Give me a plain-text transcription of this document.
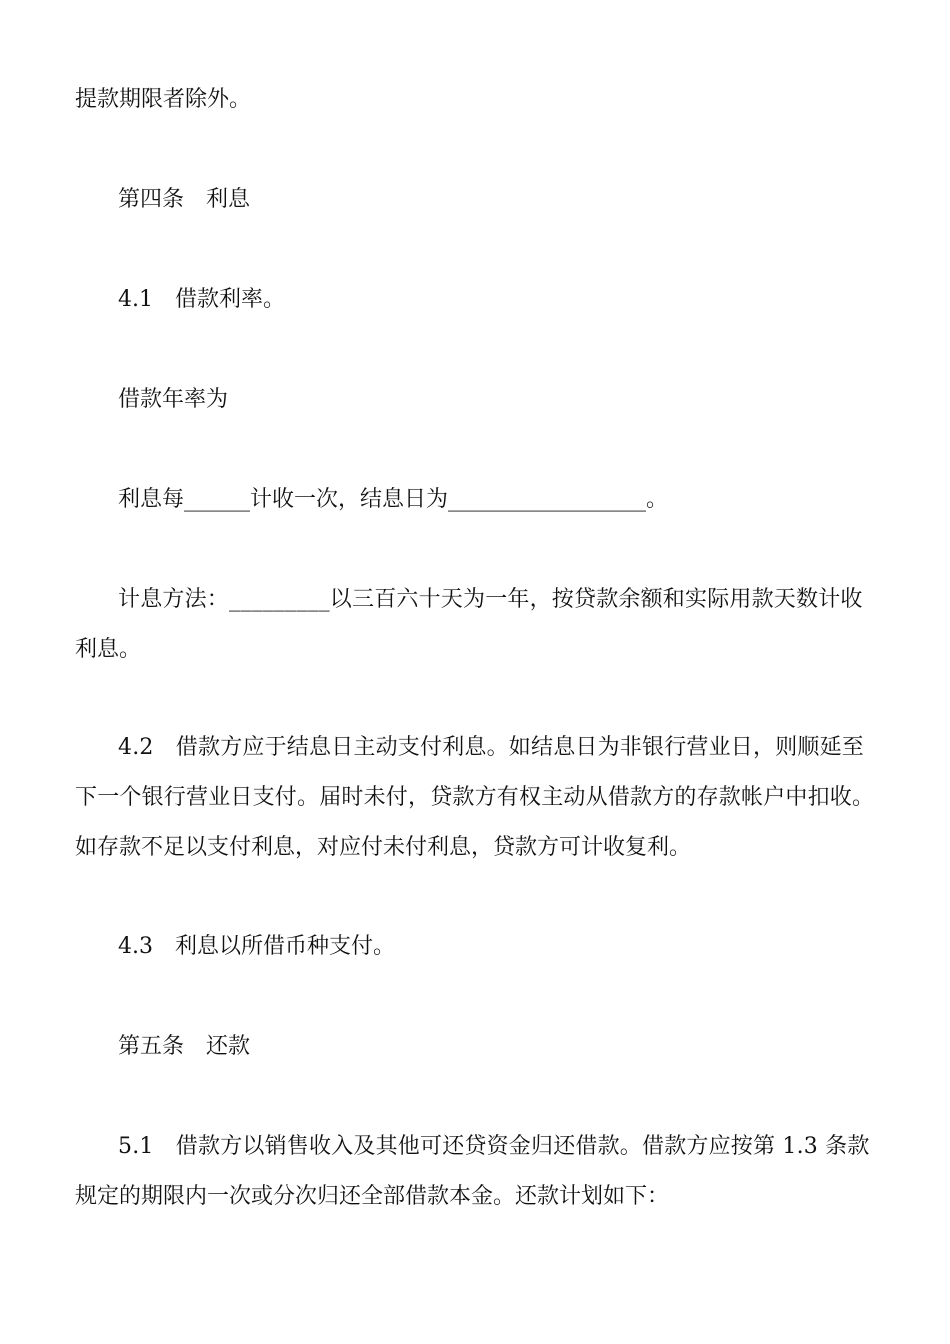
提款期限者除外。
第四条　利息
4.1　借款利率。
借款年率为
利息每______计收一次，结息日为__________________。
计息方法：_________以三百六十天为一年，按贷款余额和实际用款天数计收
利息。
4.2　借款方应于结息日主动支付利息。如结息日为非银行营业日，则顺延至
下一个银行营业日支付。届时未付，贷款方有权主动从借款方的存款帐户中扣收。
如存款不足以支付利息，对应付未付利息，贷款方可计收复利。
4.3　利息以所借币种支付。
第五条　还款
5.1　借款方以销售收入及其他可还贷资金归还借款。借款方应按第 1.3 条款
规定的期限内一次或分次归还全部借款本金。还款计划如下：
